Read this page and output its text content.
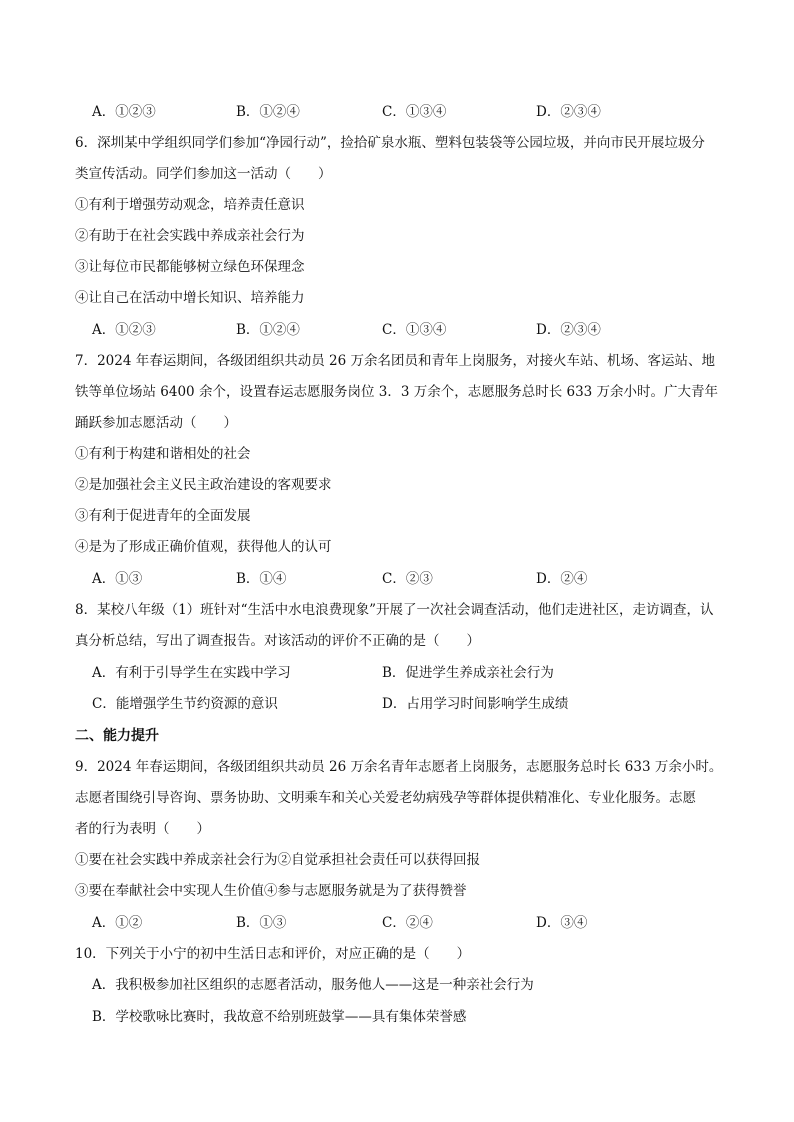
A．①②③	B．①②④	C．①③④	D．②③④
6．深圳某中学组织同学们参加“净园行动”，捡拾矿泉水瓶、塑料包装袋等公园垃圾，并向市民开展垃圾分
类宣传活动。同学们参加这一活动（　　）
①有利于增强劳动观念，培养责任意识
②有助于在社会实践中养成亲社会行为
③让每位市民都能够树立绿色环保理念
④让自己在活动中增长知识、培养能力
A．①②③	B．①②④	C．①③④	D．②③④
7．2024 年春运期间，各级团组织共动员 26 万余名团员和青年上岗服务，对接火车站、机场、客运站、地
铁等单位场站 6400 余个，设置春运志愿服务岗位 3．3 万余个，志愿服务总时长 633 万余小时。广大青年
踊跃参加志愿活动（　　）
①有利于构建和谐相处的社会
②是加强社会主义民主政治建设的客观要求
③有利于促进青年的全面发展
④是为了形成正确价值观，获得他人的认可
A．①③	B．①④	C．②③	D．②④
8．某校八年级（1）班针对“生活中水电浪费现象”开展了一次社会调查活动，他们走进社区，走访调查，认
真分析总结，写出了调查报告。对该活动的评价不正确的是（　　）
A．有利于引导学生在实践中学习	B．促进学生养成亲社会行为
C．能增强学生节约资源的意识	D．占用学习时间影响学生成绩
二、能力提升
9．2024 年春运期间，各级团组织共动员 26 万余名青年志愿者上岗服务，志愿服务总时长 633 万余小时。
志愿者围绕引导咨询、票务协助、文明乘车和关心关爱老幼病残孕等群体提供精准化、专业化服务。志愿
者的行为表明（　　）
①要在社会实践中养成亲社会行为②自觉承担社会责任可以获得回报
③要在奉献社会中实现人生价值④参与志愿服务就是为了获得赞誉
A．①②	B．①③	C．②④	D．③④
10．下列关于小宁的初中生活日志和评价，对应正确的是（　　）
A．我积极参加社区组织的志愿者活动，服务他人——这是一种亲社会行为
B．学校歌咏比赛时，我故意不给别班鼓掌——具有集体荣誉感
